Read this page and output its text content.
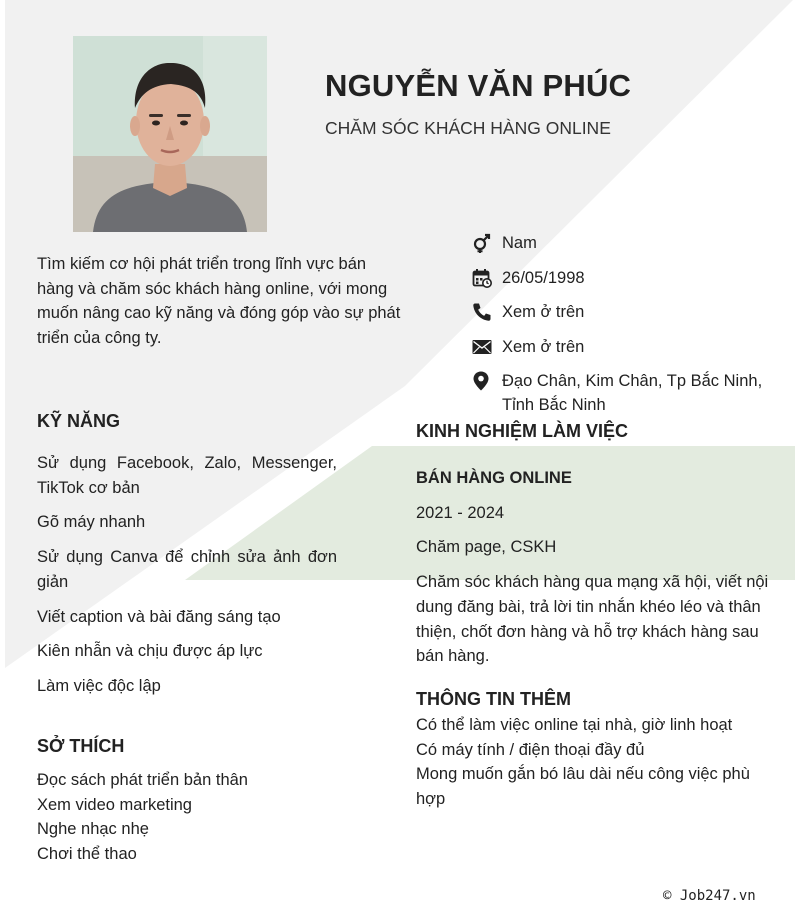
NGUYỄN VĂN PHÚC
CHĂM SÓC KHÁCH HÀNG ONLINE
Tìm kiếm cơ hội phát triển trong lĩnh vực bán hàng và chăm sóc khách hàng online, với mong muốn nâng cao kỹ năng và đóng góp vào sự phát triển của công ty.
Nam
26/05/1998
Xem ở trên
Xem ở trên
Đạo Chân, Kim Chân, Tp Bắc Ninh, Tỉnh Bắc Ninh
KỸ NĂNG
Sử dụng Facebook, Zalo, Messenger, TikTok cơ bản
Gõ máy nhanh
Sử dụng Canva để chỉnh sửa ảnh đơn giản
Viết caption và bài đăng sáng tạo
Kiên nhẫn và chịu được áp lực
Làm việc độc lập
SỞ THÍCH
Đọc sách phát triển bản thân
Xem video marketing
Nghe nhạc nhẹ
Chơi thể thao
KINH NGHIỆM LÀM VIỆC
BÁN HÀNG ONLINE
2021 - 2024
Chăm page, CSKH
Chăm sóc khách hàng qua mạng xã hội, viết nội dung đăng bài, trả lời tin nhắn khéo léo và thân thiện, chốt đơn hàng và hỗ trợ khách hàng sau bán hàng.
THÔNG TIN THÊM
Có thể làm việc online tại nhà, giờ linh hoạt
Có máy tính / điện thoại đầy đủ
Mong muốn gắn bó lâu dài nếu công việc phù hợp
© Job247.vn
